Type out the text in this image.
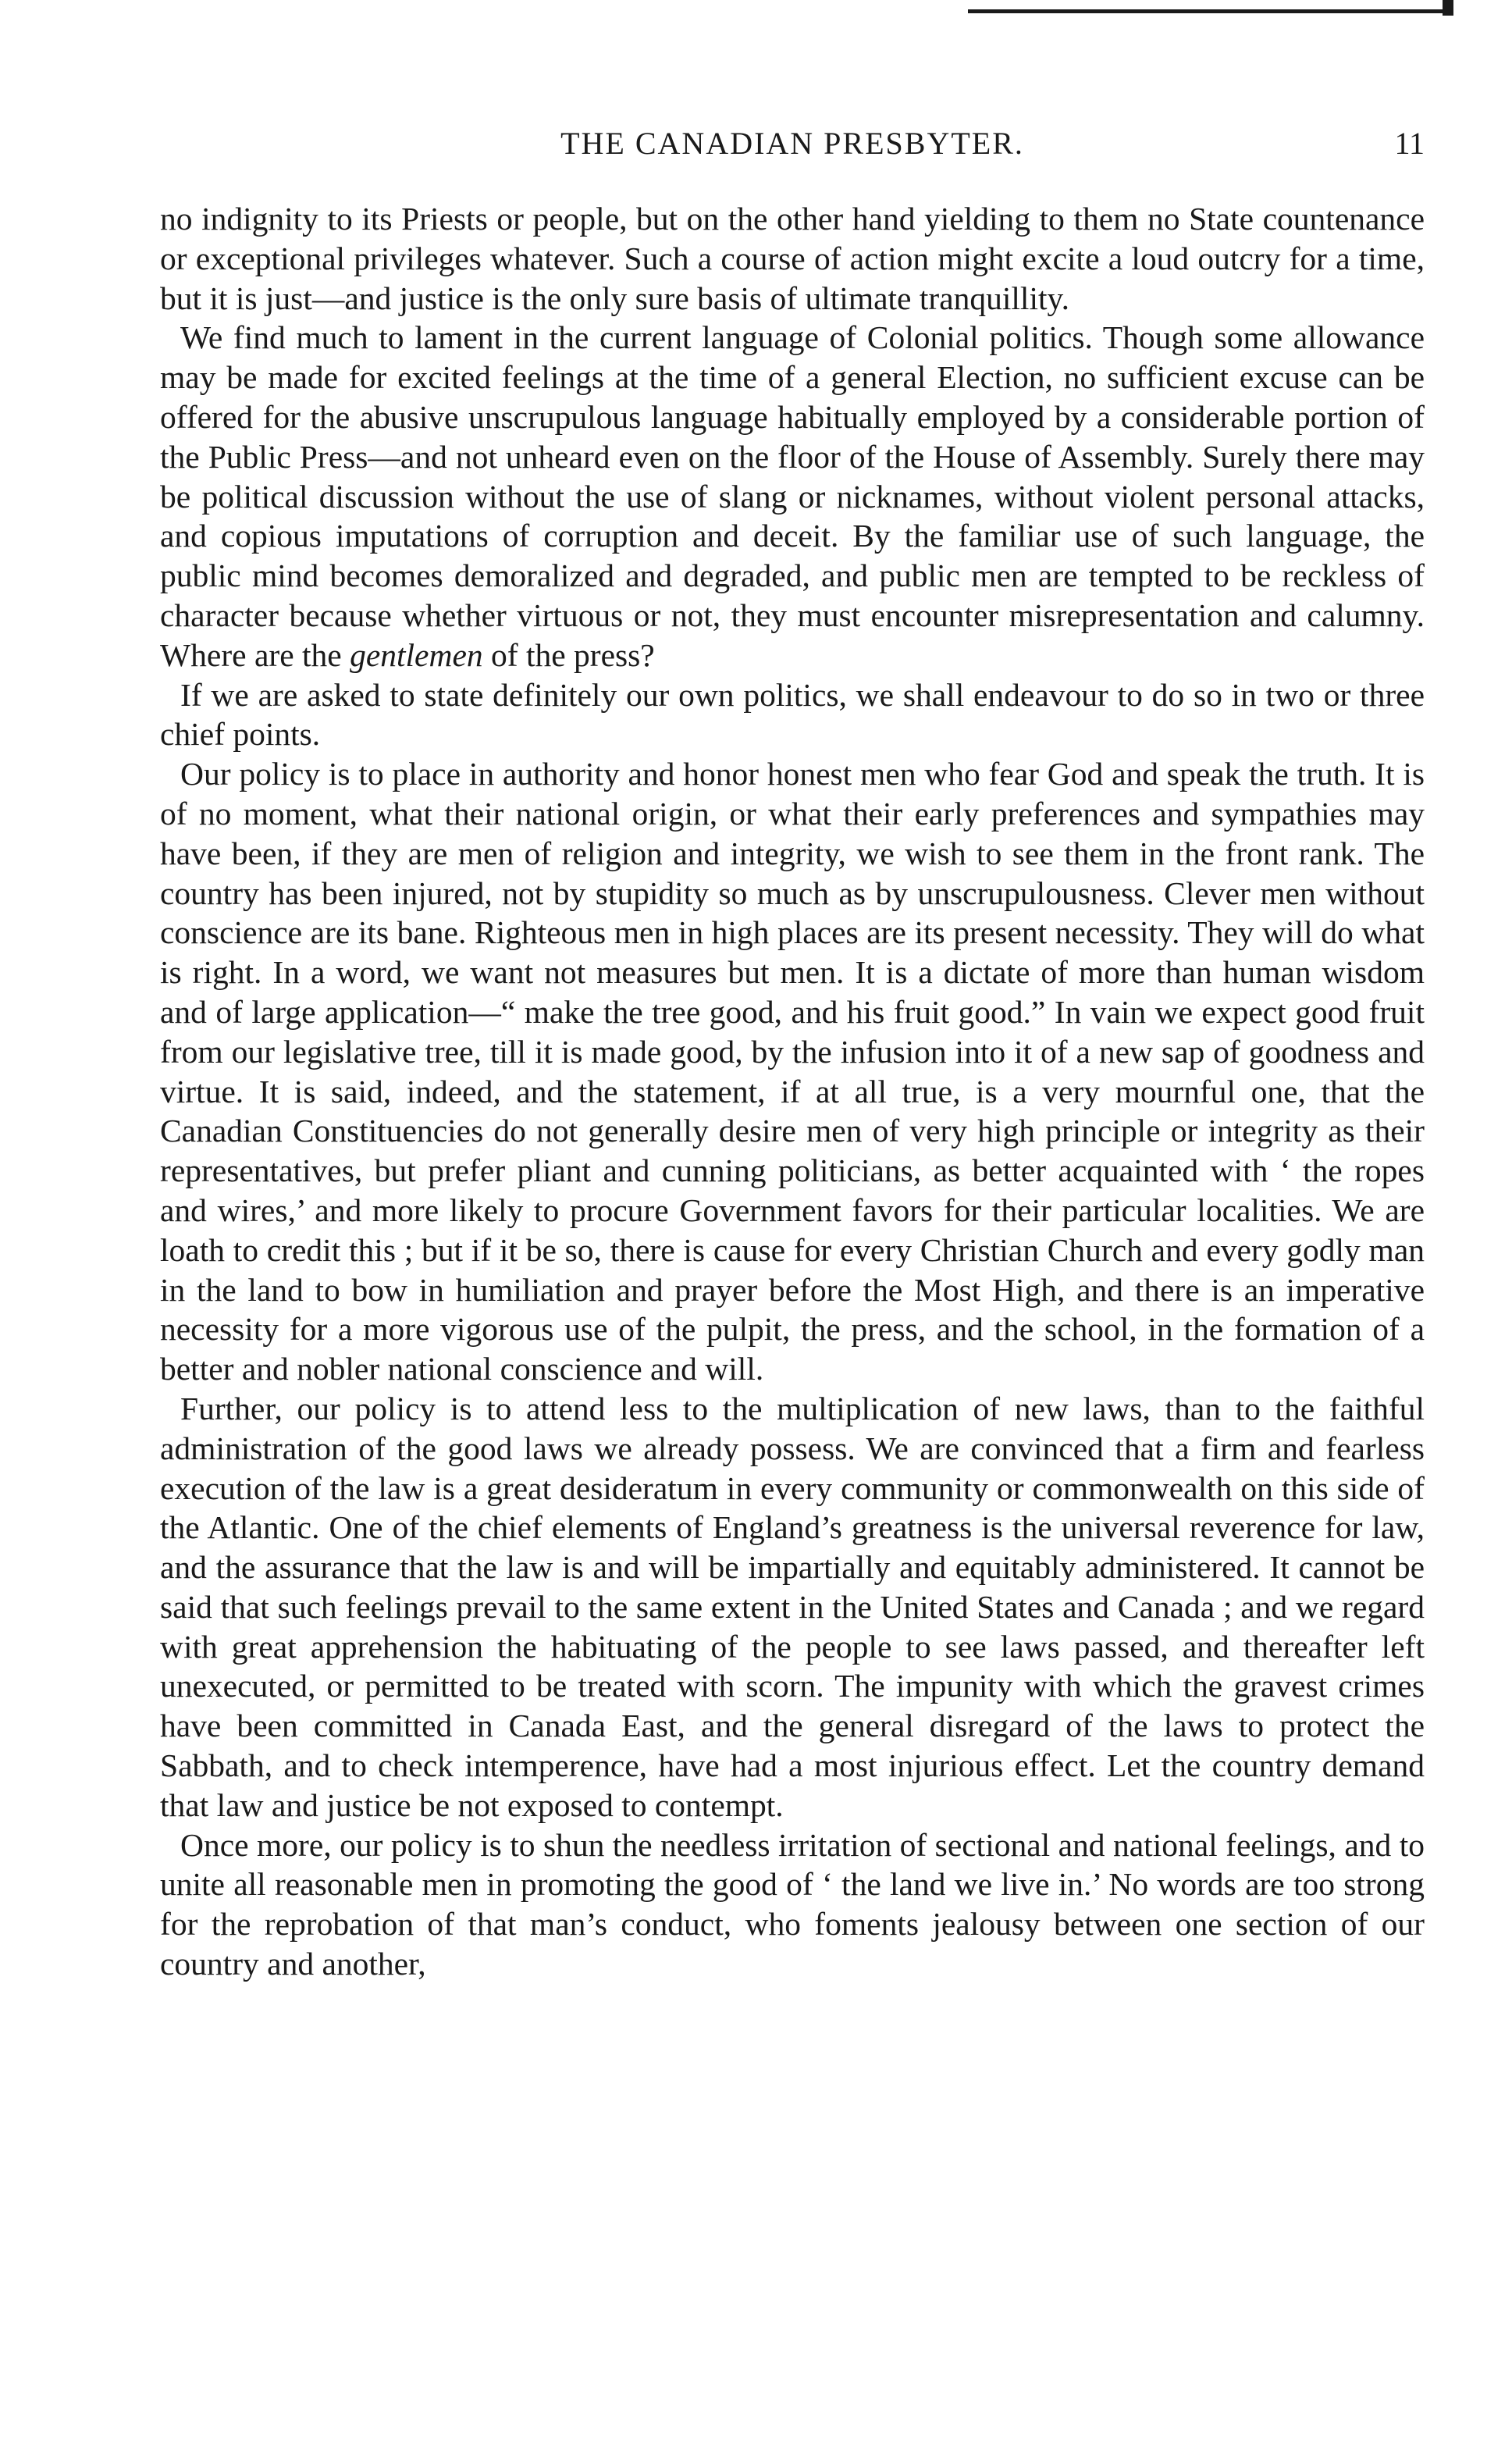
THE CANADIAN PRESBYTER.	11

no indignity to its Priests or people, but on the other hand yielding to them no State countenance or exceptional privileges whatever. Such a course of action might excite a loud outcry for a time, but it is just—and justice is the only sure basis of ultimate tranquillity.

We find much to lament in the current language of Colonial politics. Though some allowance may be made for excited feelings at the time of a general Election, no sufficient excuse can be offered for the abusive unscrupulous language habitually employed by a considerable portion of the Public Press—and not unheard even on the floor of the House of Assembly. Surely there may be political discussion without the use of slang or nicknames, without violent personal attacks, and copious imputations of corruption and deceit. By the familiar use of such language, the public mind becomes demoralized and degraded, and public men are tempted to be reckless of character because whether virtuous or not, they must encounter misrepresentation and calumny. Where are the gentlemen of the press?

If we are asked to state definitely our own politics, we shall endeavour to do so in two or three chief points.

Our policy is to place in authority and honor honest men who fear God and speak the truth. It is of no moment, what their national origin, or what their early preferences and sympathies may have been, if they are men of religion and integrity, we wish to see them in the front rank. The country has been injured, not by stupidity so much as by unscrupulousness. Clever men without conscience are its bane. Righteous men in high places are its present necessity. They will do what is right. In a word, we want not measures but men. It is a dictate of more than human wisdom and of large application—“ make the tree good, and his fruit good.” In vain we expect good fruit from our legislative tree, till it is made good, by the infusion into it of a new sap of goodness and virtue. It is said, indeed, and the statement, if at all true, is a very mournful one, that the Canadian Constituencies do not generally desire men of very high principle or integrity as their representatives, but prefer pliant and cunning politicians, as better acquainted with ‘ the ropes and wires,’ and more likely to procure Government favors for their particular localities. We are loath to credit this ; but if it be so, there is cause for every Christian Church and every godly man in the land to bow in humiliation and prayer before the Most High, and there is an imperative necessity for a more vigorous use of the pulpit, the press, and the school, in the formation of a better and nobler national conscience and will.

Further, our policy is to attend less to the multiplication of new laws, than to the faithful administration of the good laws we already possess. We are convinced that a firm and fearless execution of the law is a great desideratum in every community or commonwealth on this side of the Atlantic. One of the chief elements of England’s greatness is the universal reverence for law, and the assurance that the law is and will be impartially and equitably administered. It cannot be said that such feelings prevail to the same extent in the United States and Canada ; and we regard with great apprehension the habituating of the people to see laws passed, and thereafter left unexecuted, or permitted to be treated with scorn. The impunity with which the gravest crimes have been committed in Canada East, and the general disregard of the laws to protect the Sabbath, and to check intemperence, have had a most injurious effect. Let the country demand that law and justice be not exposed to contempt.

Once more, our policy is to shun the needless irritation of sectional and national feelings, and to unite all reasonable men in promoting the good of ‘ the land we live in.’ No words are too strong for the reprobation of that man’s conduct, who foments jealousy between one section of our country and another,
